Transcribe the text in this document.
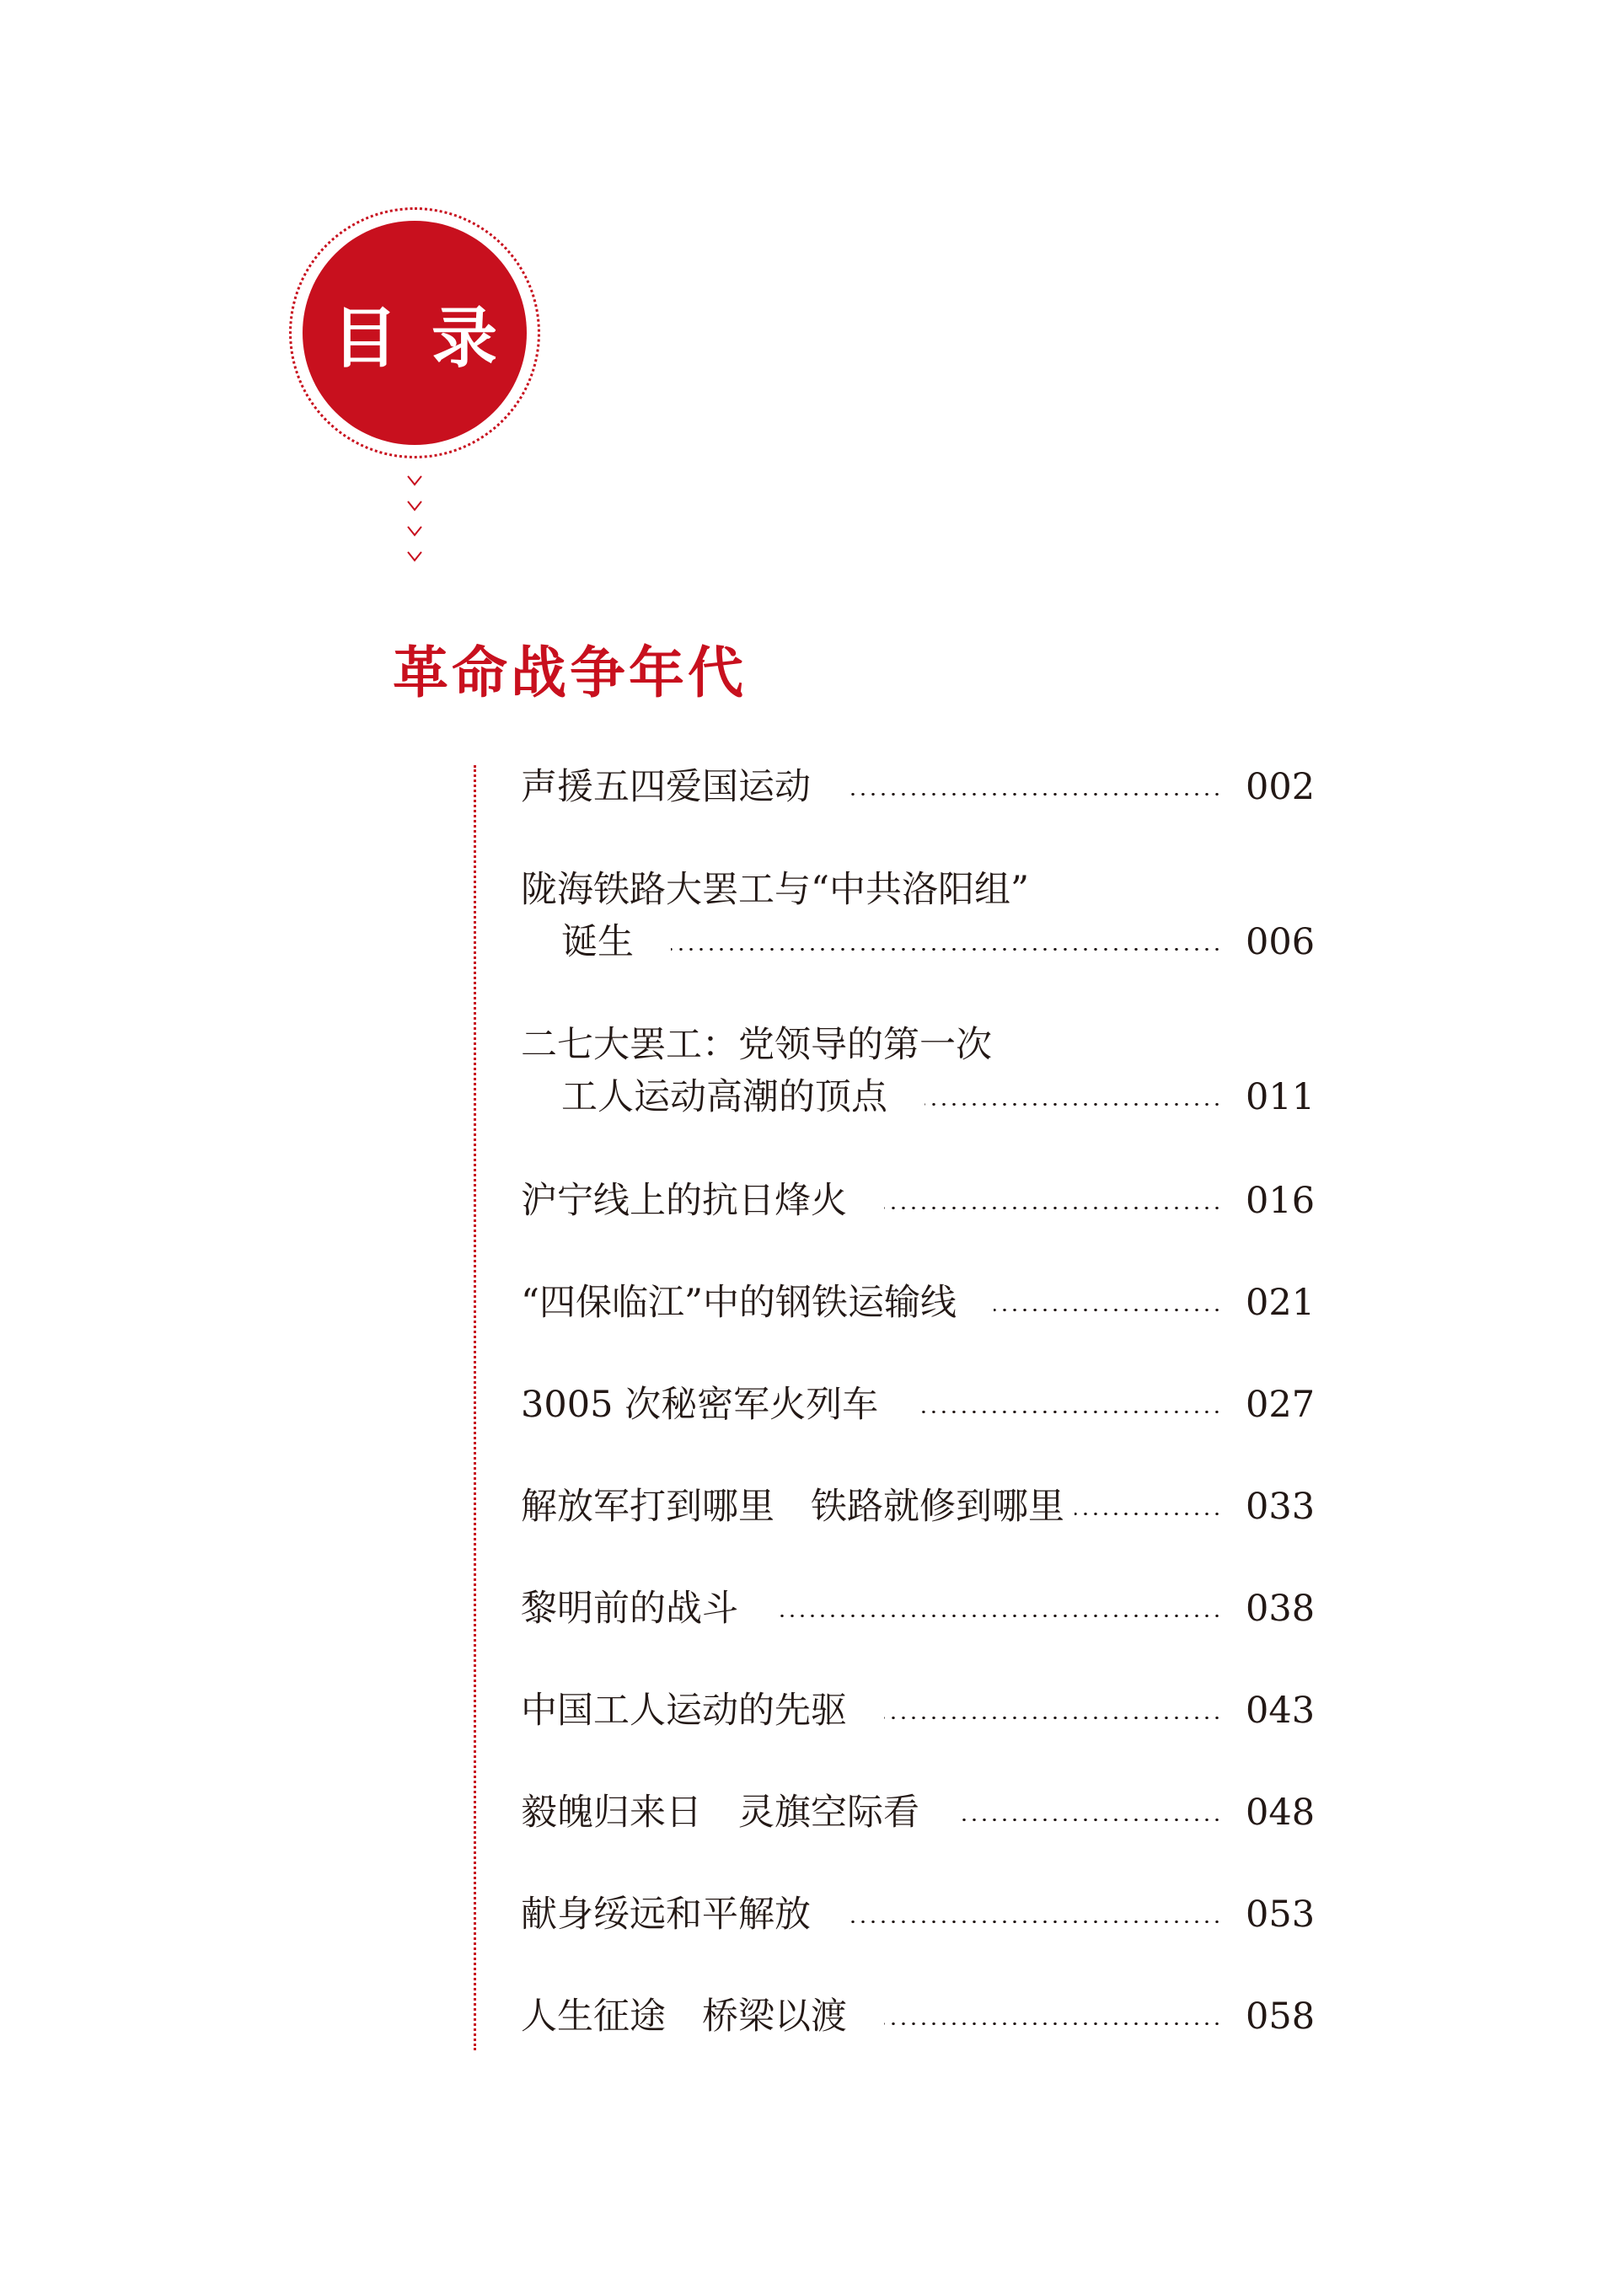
目录
革命战争年代
声援五四爱国运动	002
陇海铁路大罢工与“中共洛阳组”
诞生	006
二七大罢工：党领导的第一次
工人运动高潮的顶点	011
沪宁线上的抗日烽火	016
“四保临江”中的钢铁运输线	021
3005 次秘密军火列车	027
解放军打到哪里　铁路就修到哪里	033
黎明前的战斗	038
中国工人运动的先驱	043
毅魄归来日　灵旗空际看	048
献身绥远和平解放	053
人生征途　桥梁以渡	058
